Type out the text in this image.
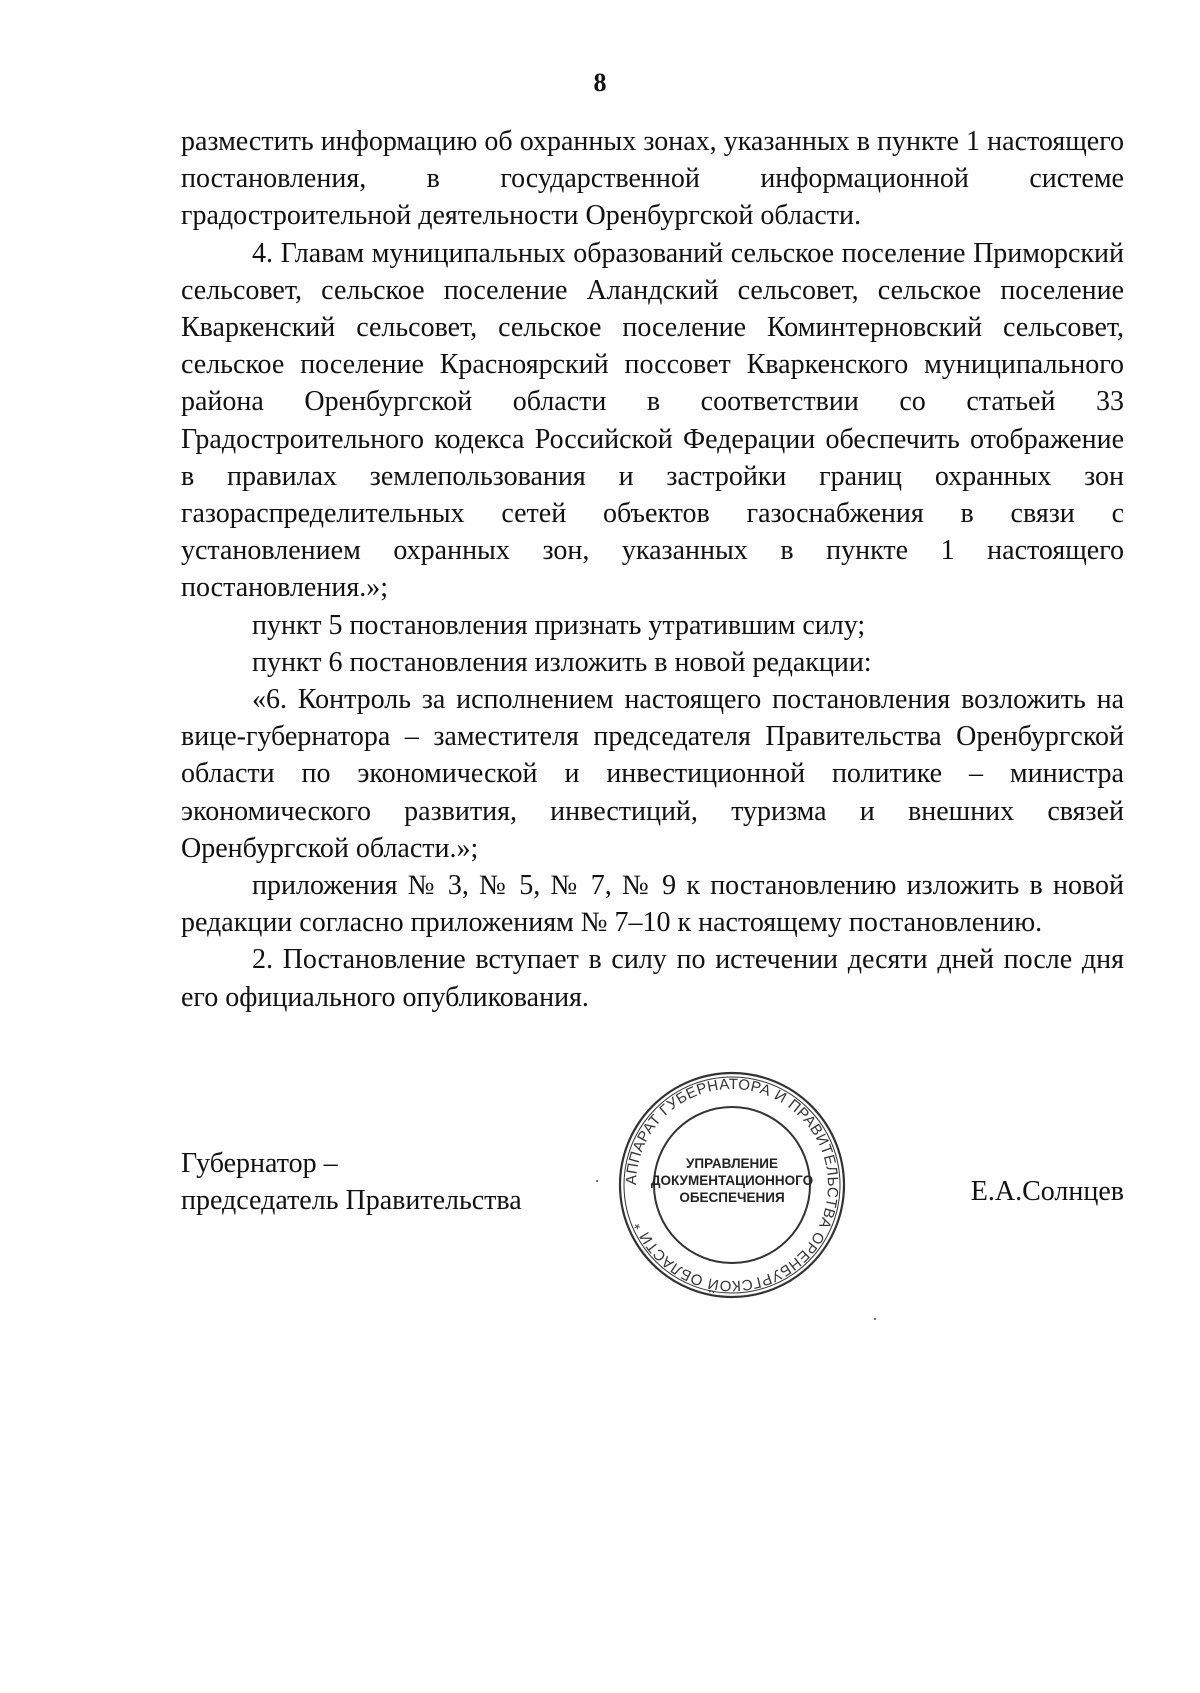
8

разместить информацию об охранных зонах, указанных в пункте 1 настоящего постановления, в государственной информационной системе градостроительной деятельности Оренбургской области.

4. Главам муниципальных образований сельское поселение Приморский сельсовет, сельское поселение Аландский сельсовет, сельское поселение Кваркенский сельсовет, сельское поселение Коминтерновский сельсовет, сельское поселение Красноярский поссовет Кваркенского муниципального района Оренбургской области в соответствии со статьей 33 Градостроительного кодекса Российской Федерации обеспечить отображение в правилах землепользования и застройки границ охранных зон газораспределительных сетей объектов газоснабжения в связи с установлением охранных зон, указанных в пункте 1 настоящего постановления.»;

пункт 5 постановления признать утратившим силу;

пункт 6 постановления изложить в новой редакции:

«6. Контроль за исполнением настоящего постановления возложить на вице-губернатора – заместителя председателя Правительства Оренбургской области по экономической и инвестиционной политике – министра экономического развития, инвестиций, туризма и внешних связей Оренбургской области.»;

приложения № 3, № 5, № 7, № 9 к постановлению изложить в новой редакции согласно приложениям № 7–10 к настоящему постановлению.

2. Постановление вступает в силу по истечении десяти дней после дня его официального опубликования.

Губернатор –
председатель Правительства
АППАРАТ ГУБЕРНАТОРА И ПРАВИТЕЛЬСТВА ОРЕНБУРГСКОЙ ОБЛАСТИ *
УПРАВЛЕНИЕ
ДОКУМЕНТАЦИОННОГО
ОБЕСПЕЧЕНИЯ	Е.А.Солнцев
